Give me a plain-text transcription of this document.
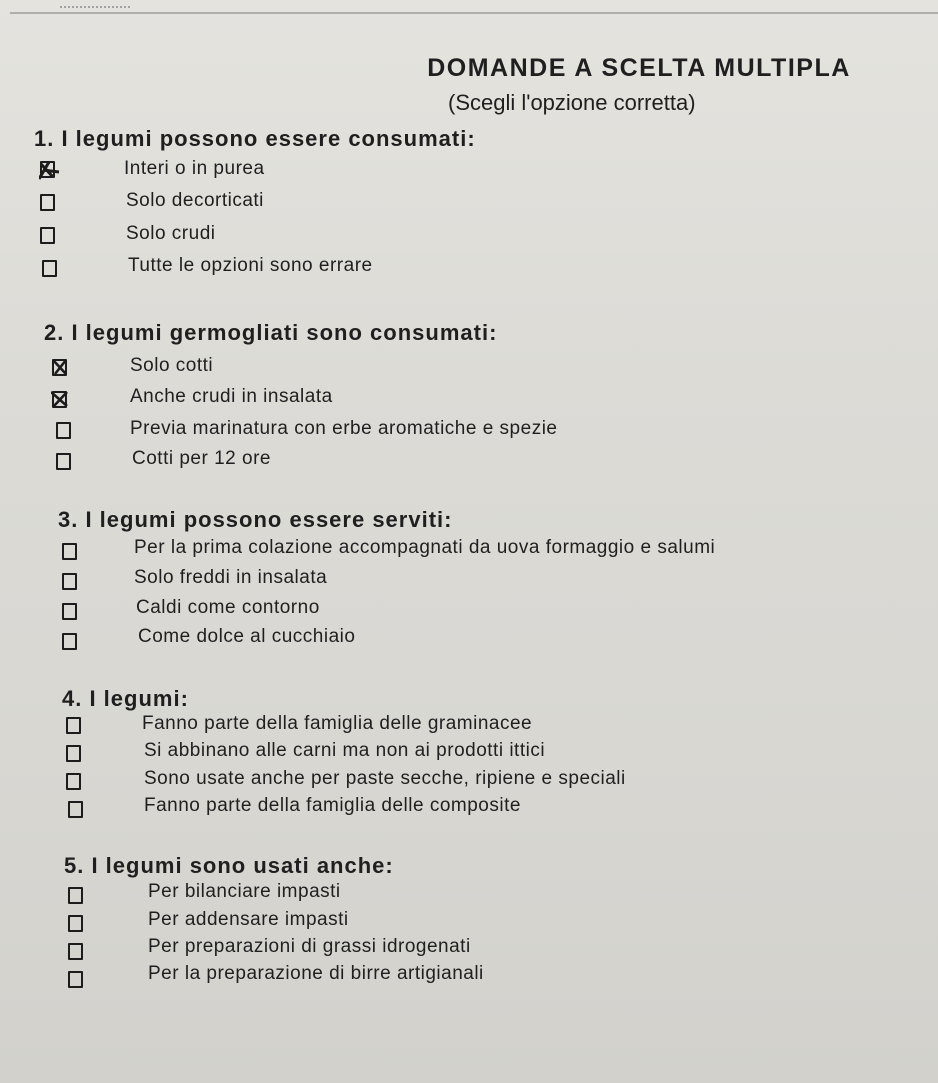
DOMANDE A SCELTA MULTIPLA
(Scegli l'opzione corretta)
1. I legumi possono essere consumati:
Interi o in purea
Solo decorticati
Solo crudi
Tutte le opzioni sono errare
2. I legumi germogliati sono consumati:
Solo cotti
Anche crudi in insalata
Previa marinatura con erbe aromatiche e spezie
Cotti per 12 ore
3. I legumi possono essere serviti:
Per la prima colazione accompagnati da uova formaggio e salumi
Solo freddi in insalata
Caldi come contorno
Come dolce al cucchiaio
4. I legumi:
Fanno parte della famiglia delle graminacee
Si abbinano alle carni ma non ai prodotti ittici
Sono usate anche per paste secche, ripiene e speciali
Fanno parte della famiglia delle composite
5. I legumi sono usati anche:
Per bilanciare impasti
Per addensare impasti
Per preparazioni di grassi idrogenati
Per la preparazione di birre artigianali
